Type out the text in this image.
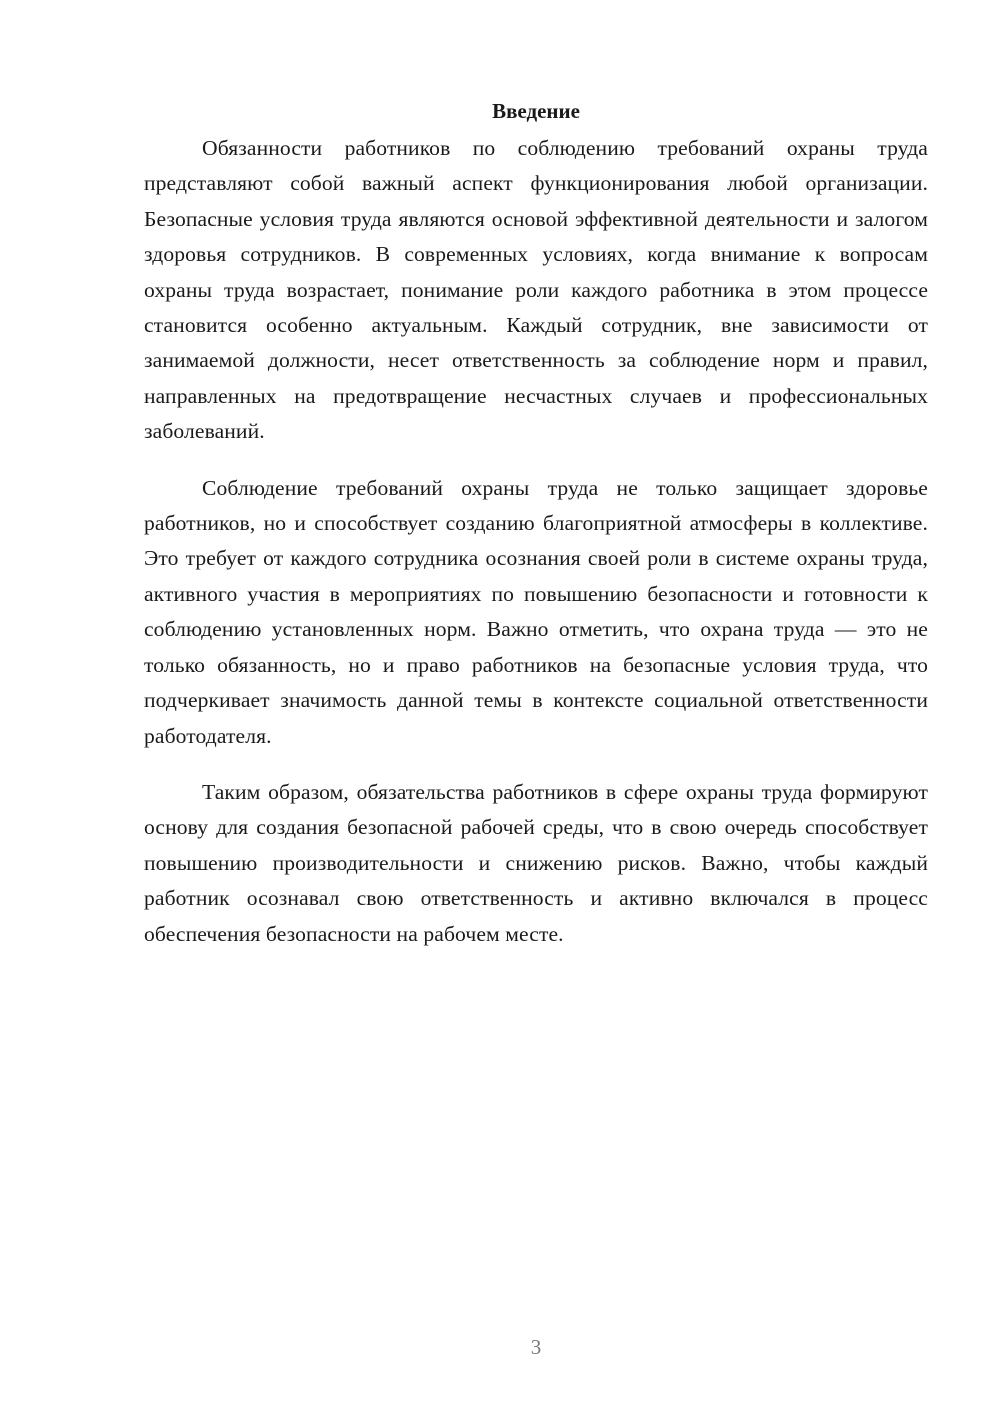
Введение

Обязанности работников по соблюдению требований охраны труда представляют собой важный аспект функционирования любой организации. Безопасные условия труда являются основой эффективной деятельности и залогом здоровья сотрудников. В современных условиях, когда внимание к вопросам охраны труда возрастает, понимание роли каждого работника в этом процессе становится особенно актуальным. Каждый сотрудник, вне зависимости от занимаемой должности, несет ответственность за соблюдение норм и правил, направленных на предотвращение несчастных случаев и профессиональных заболеваний.

Соблюдение требований охраны труда не только защищает здоровье работников, но и способствует созданию благоприятной атмосферы в коллективе. Это требует от каждого сотрудника осознания своей роли в системе охраны труда, активного участия в мероприятиях по повышению безопасности и готовности к соблюдению установленных норм. Важно отметить, что охрана труда — это не только обязанность, но и право работников на безопасные условия труда, что подчеркивает значимость данной темы в контексте социальной ответственности работодателя.

Таким образом, обязательства работников в сфере охраны труда формируют основу для создания безопасной рабочей среды, что в свою очередь способствует повышению производительности и снижению рисков. Важно, чтобы каждый работник осознавал свою ответственность и активно включался в процесс обеспечения безопасности на рабочем месте.

3
